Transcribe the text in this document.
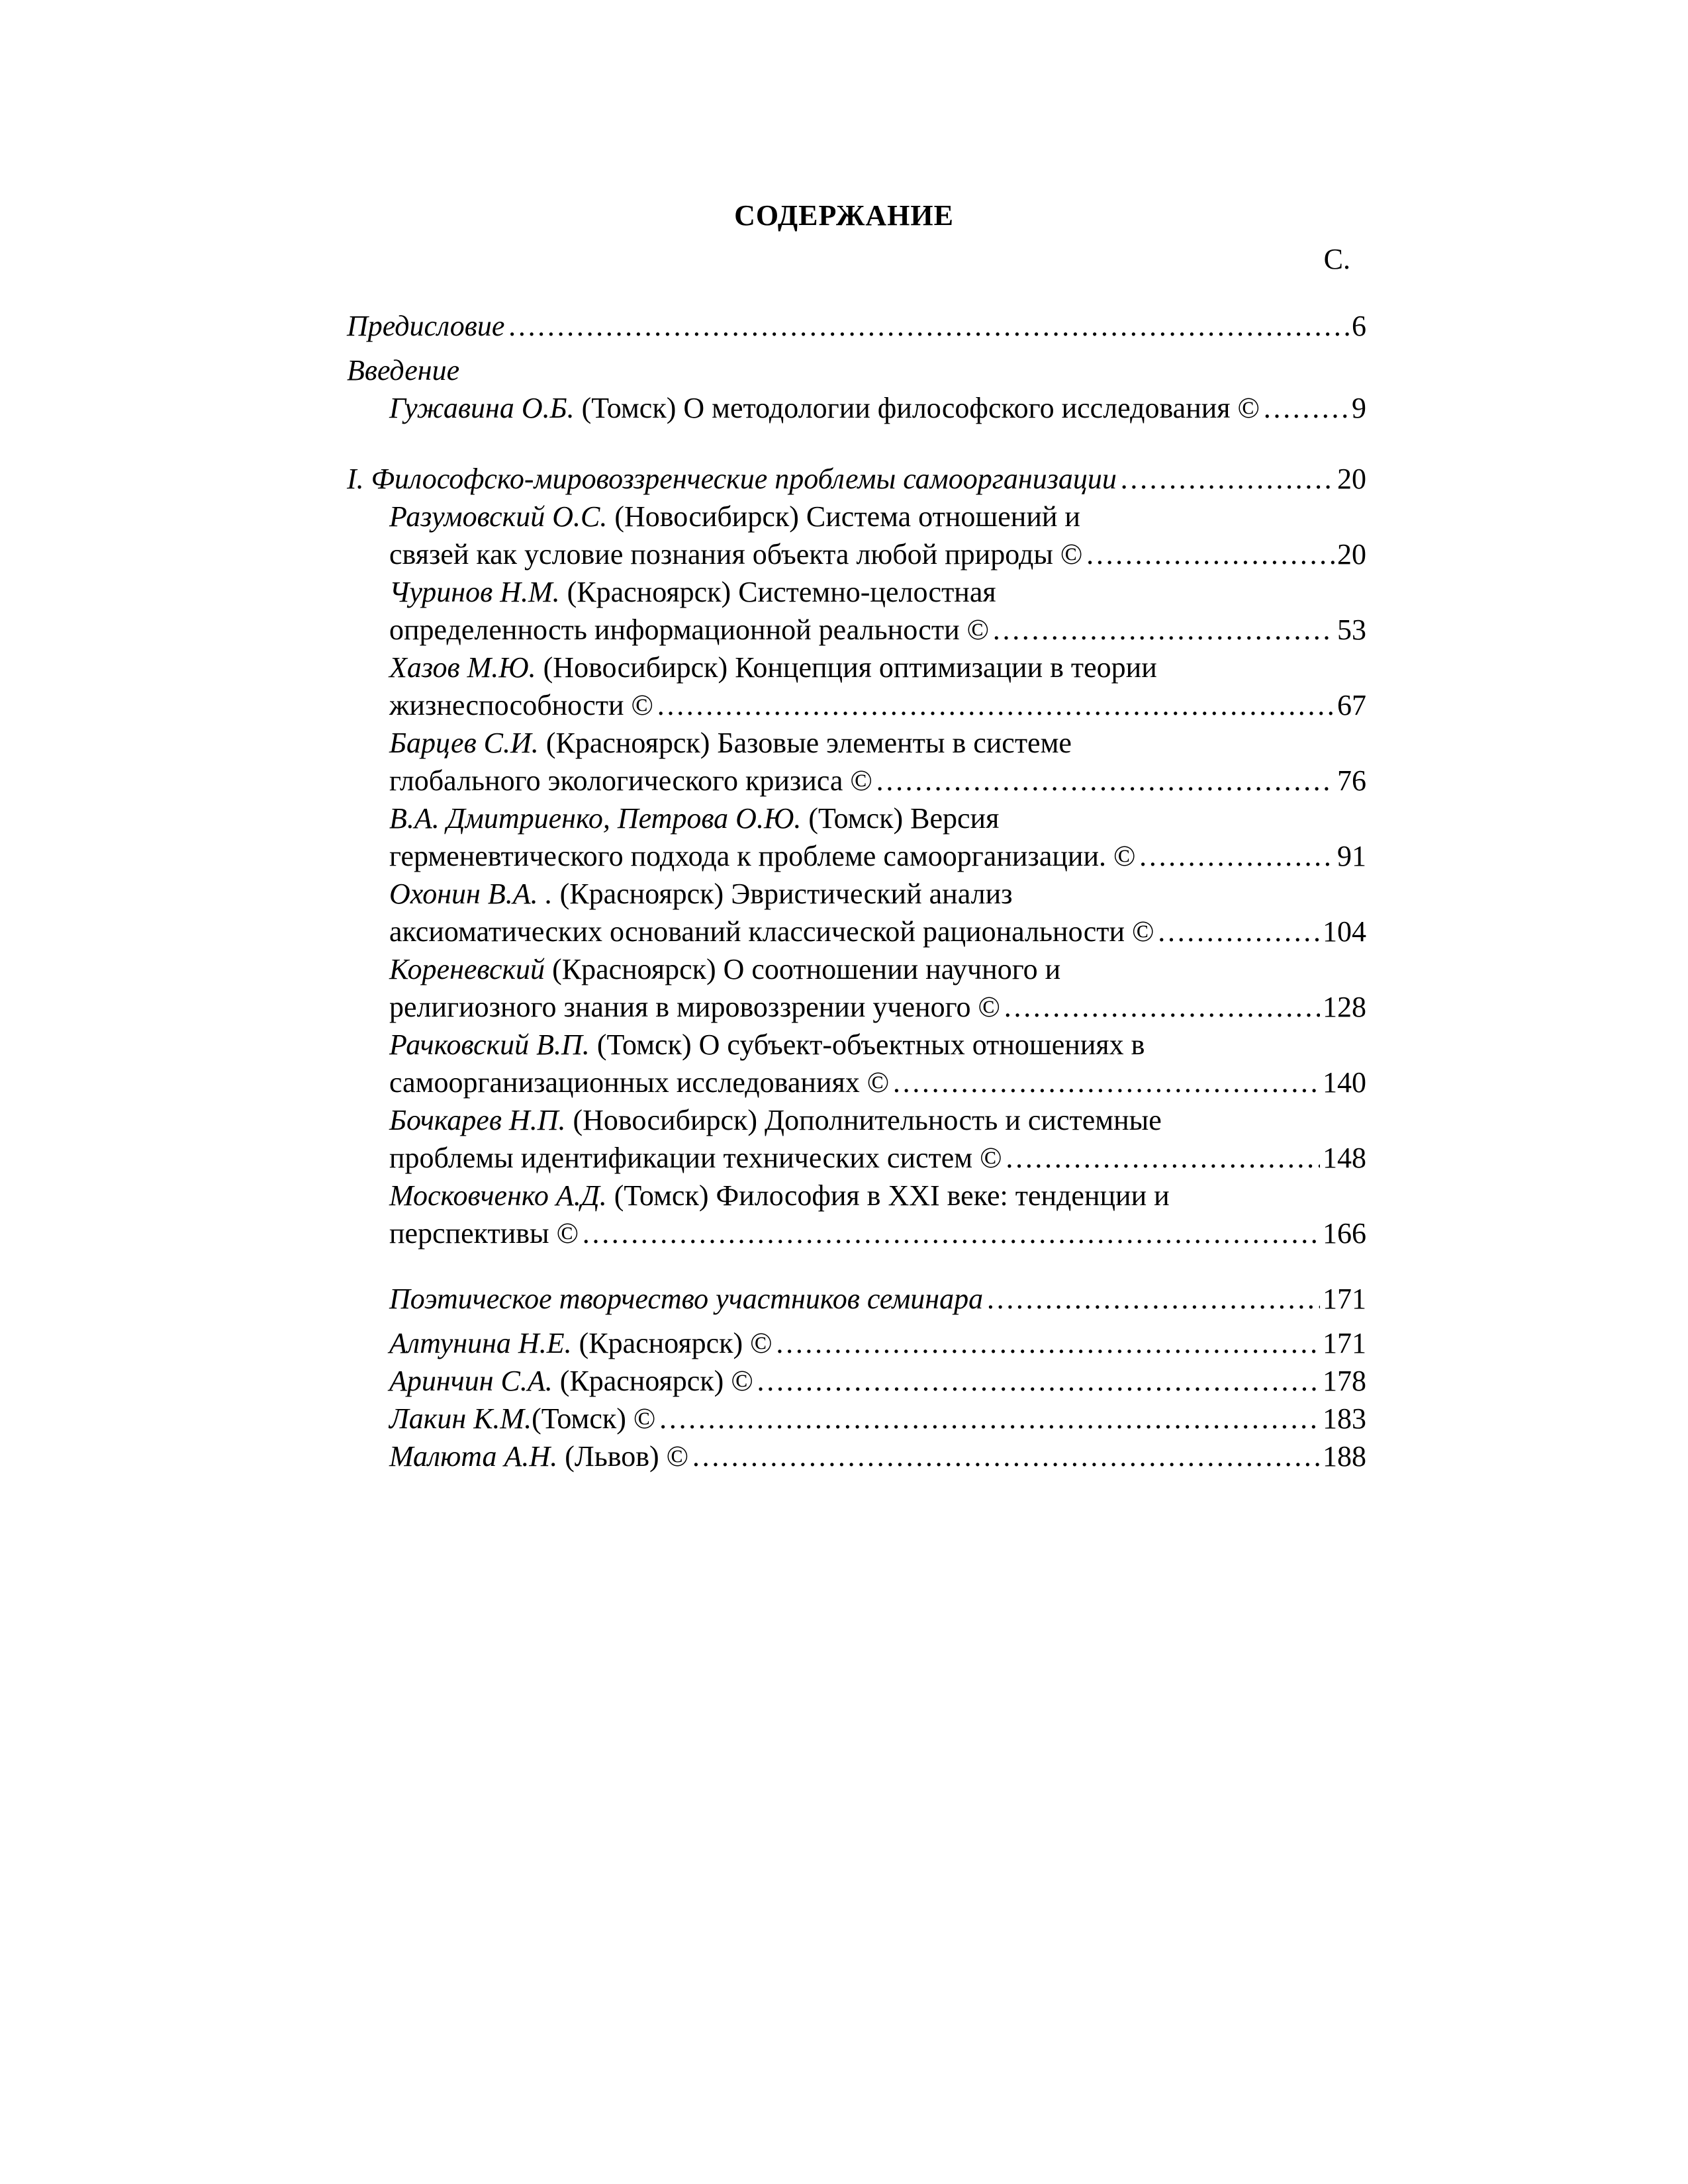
СОДЕРЖАНИЕ
С.
Предисловие …………………………………………………………………………………………………………………………………………………………………………………………	6
Введение
Гужавина О.Б.
(Томск) О методологии философского исследования © …………………………………………………………………………………………………………………………………………………………………………………………	9
I. Философско-мировоззренческие проблемы самоорганизации …………………………………………………………………………………………………………………………………………………………………………………………	20
Разумовский О.С.
(Новосибирск) Система отношений и
связей как условие познания объекта любой природы © …………………………………………………………………………………………………………………………………………………………………………………………	20
Чуринов Н.М.
(Красноярск) Системно-целостная
определенность информационной реальности © …………………………………………………………………………………………………………………………………………………………………………………………	53
Хазов М.Ю.
(Новосибирск) Концепция оптимизации в теории
жизнеспособности © …………………………………………………………………………………………………………………………………………………………………………………………	67
Барцев С.И.
(Красноярск) Базовые элементы в системе
глобального экологического кризиса © …………………………………………………………………………………………………………………………………………………………………………………………	76
В.А. Дмитриенко, Петрова О.Ю.
(Томск) Версия
герменевтического подхода к проблеме самоорганизации. © …………………………………………………………………………………………………………………………………………………………………………………………	91
Охонин В.А. .
(Красноярск) Эвристический анализ
аксиоматических оснований классической рациональности © …………………………………………………………………………………………………………………………………………………………………………………………	104
Кореневский
(Красноярск) О соотношении научного и
религиозного знания в мировоззрении ученого © …………………………………………………………………………………………………………………………………………………………………………………………	128
Рачковский В.П.
(Томск) О субъект-объектных отношениях в
самоорганизационных исследованиях © …………………………………………………………………………………………………………………………………………………………………………………………	140
Бочкарев Н.П.
(Новосибирск) Дополнительность и системные
проблемы идентификации технических систем © …………………………………………………………………………………………………………………………………………………………………………………………	148
Московченко А.Д.
(Томск) Философия в XXI веке: тенденции и
перспективы © …………………………………………………………………………………………………………………………………………………………………………………………	166
Поэтическое творчество участников семинара …………………………………………………………………………………………………………………………………………………………………………………………	171
Алтунина Н.Е.
(Красноярск) © …………………………………………………………………………………………………………………………………………………………………………………………	171
Аринчин С.А.
(Красноярск) © …………………………………………………………………………………………………………………………………………………………………………………………	178
Лакин К.М. (Томск) © …………………………………………………………………………………………………………………………………………………………………………………………	183
Малюта А.Н.
(Львов) © …………………………………………………………………………………………………………………………………………………………………………………………	188
